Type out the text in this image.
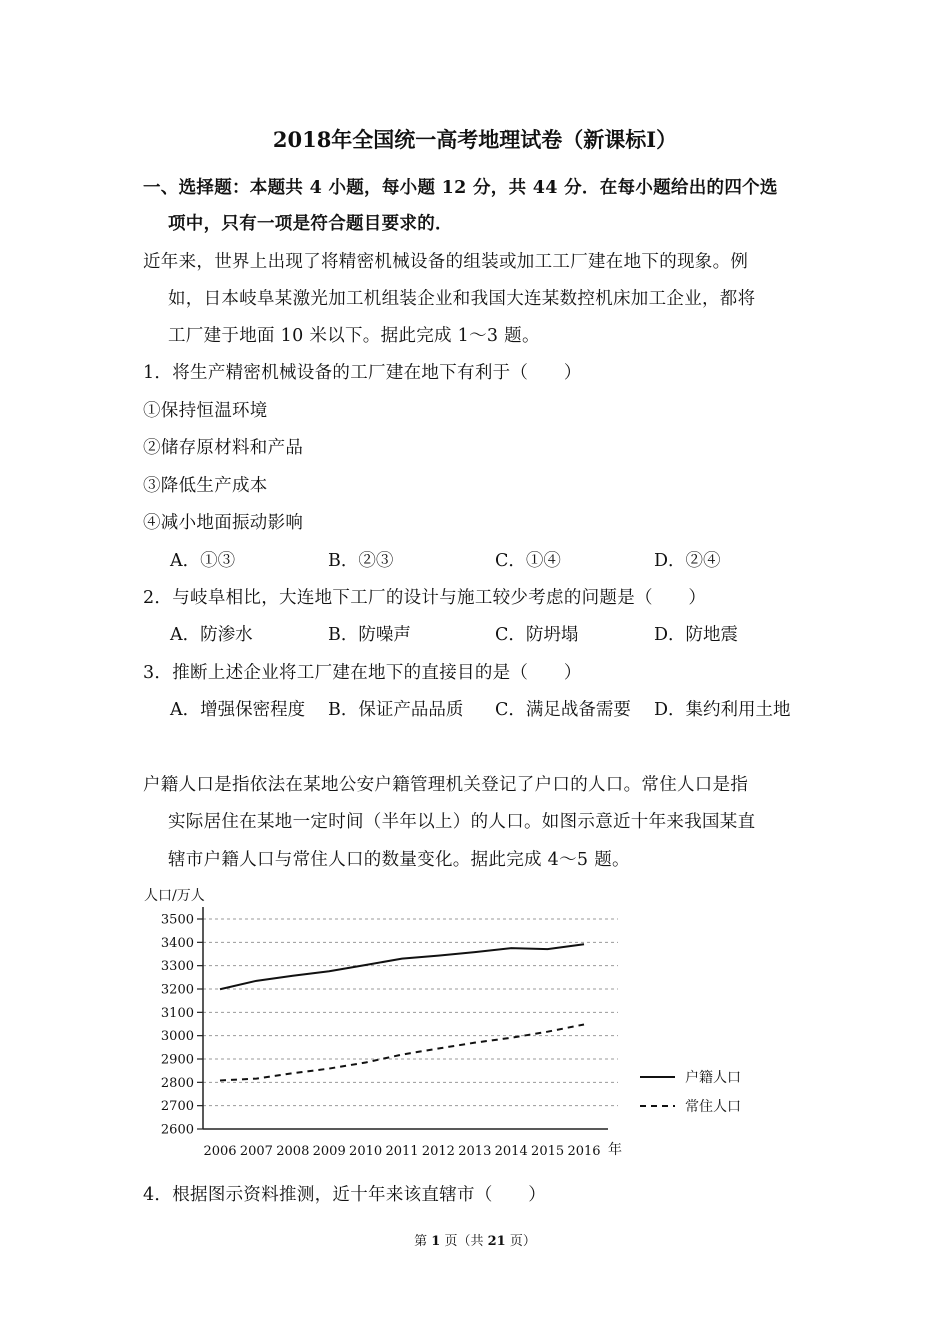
2018年全国统一高考地理试卷（新课标I）
一、选择题：本题共 4 小题，每小题 12 分，共 44 分．在每小题给出的四个选
项中，只有一项是符合题目要求的．
近年来，世界上出现了将精密机械设备的组装或加工工厂建在地下的现象。例
如，日本岐阜某激光加工机组装企业和我国大连某数控机床加工企业，都将
工厂建于地面 10 米以下。据此完成 1～3 题。
1．将生产精密机械设备的工厂建在地下有利于（　　）
①保持恒温环境
②储存原材料和产品
③降低生产成本
④减小地面振动影响
A．①③	B．②③	C．①④	D．②④
2．与岐阜相比，大连地下工厂的设计与施工较少考虑的问题是（　　）
A．防渗水	B．防噪声	C．防坍塌	D．防地震
3．推断上述企业将工厂建在地下的直接目的是（　　）
A．增强保密程度 B．保证产品品质 C．满足战备需要 D．集约利用土地
户籍人口是指依法在某地公安户籍管理机关登记了户口的人口。常住人口是指
实际居住在某地一定时间（半年以上）的人口。如图示意近十年来我国某直
辖市户籍人口与常住人口的数量变化。据此完成 4～5 题。
户籍人口
常住人口
2600
2700
2800
2900
3000
3100
3200
3300
3400
3500
2006 2007 2008 2009 2010 2011 2012 2013 2014 2015 2016
人口/万人
年
4．根据图示资料推测，近十年来该直辖市（　　）
第 1 页（共 21 页）
